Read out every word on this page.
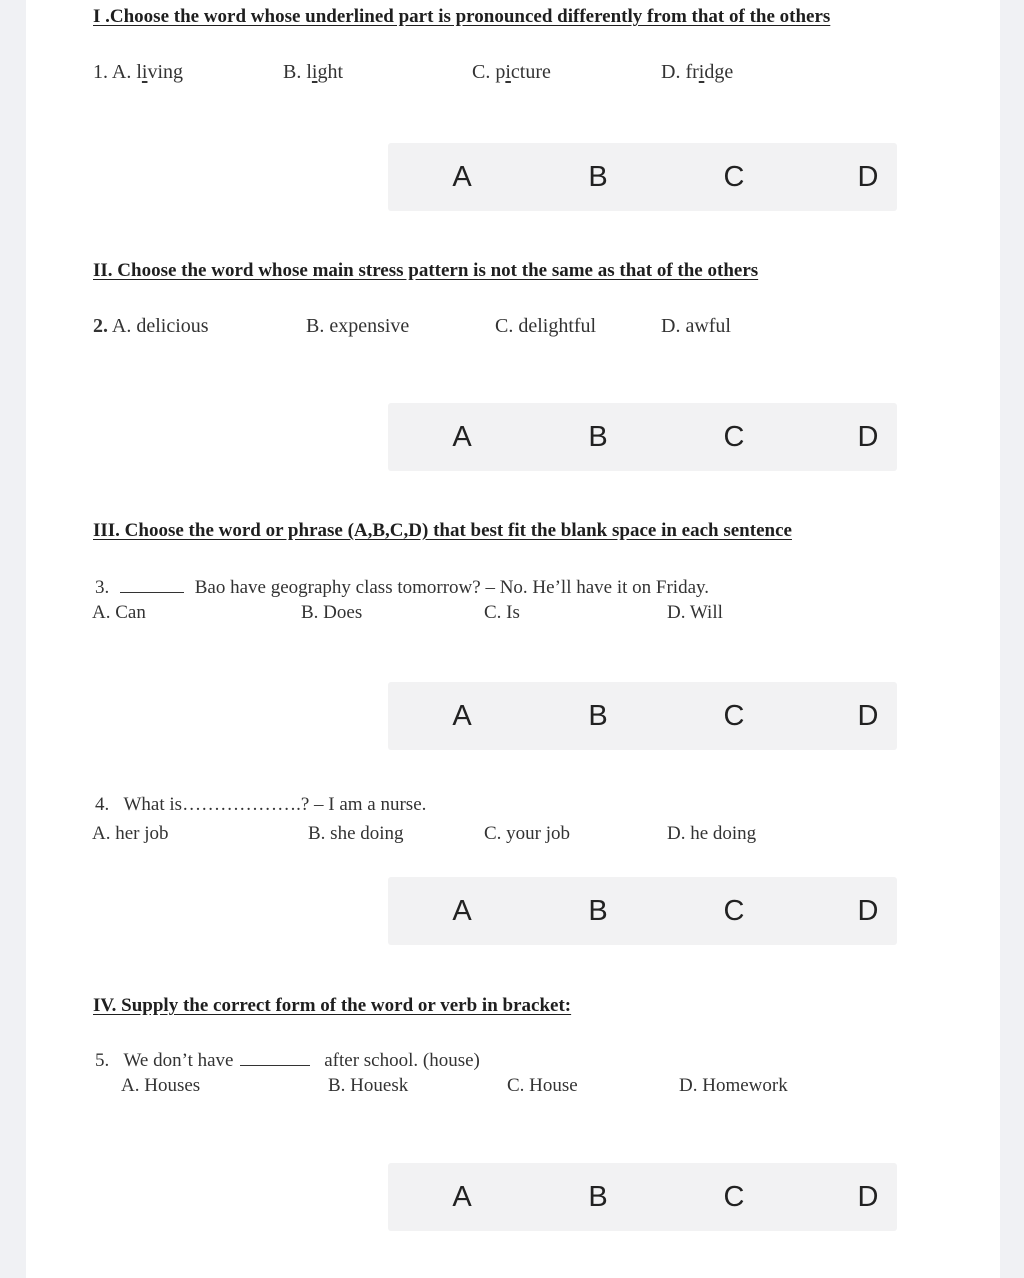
I .Choose the word whose underlined part is pronounced differently from that of the others
1. A. living	B. light	C. picture	D. fridge
A	B	C	D
II. Choose the word whose main stress pattern is not the same as that of the others
2. A. delicious	B. expensive	C. delightful	D. awful
A	B	C	D
III. Choose the word or phrase (A,B,C,D) that best fit the blank space in each sentence
3.	Bao have geography class tomorrow? – No. He’ll have it on Friday.
A. Can	B. Does	C. Is	D. Will
A	B	C	D
4. What is……………….? – I am a nurse.
A. her job	B. she doing	C. your job	D. he doing
A	B	C	D
IV. Supply the correct form of the word or verb in bracket:
5. We don’t have	after school. (house)
A. Houses	B. Houesk	C. House	D. Homework
A	B	C	D
